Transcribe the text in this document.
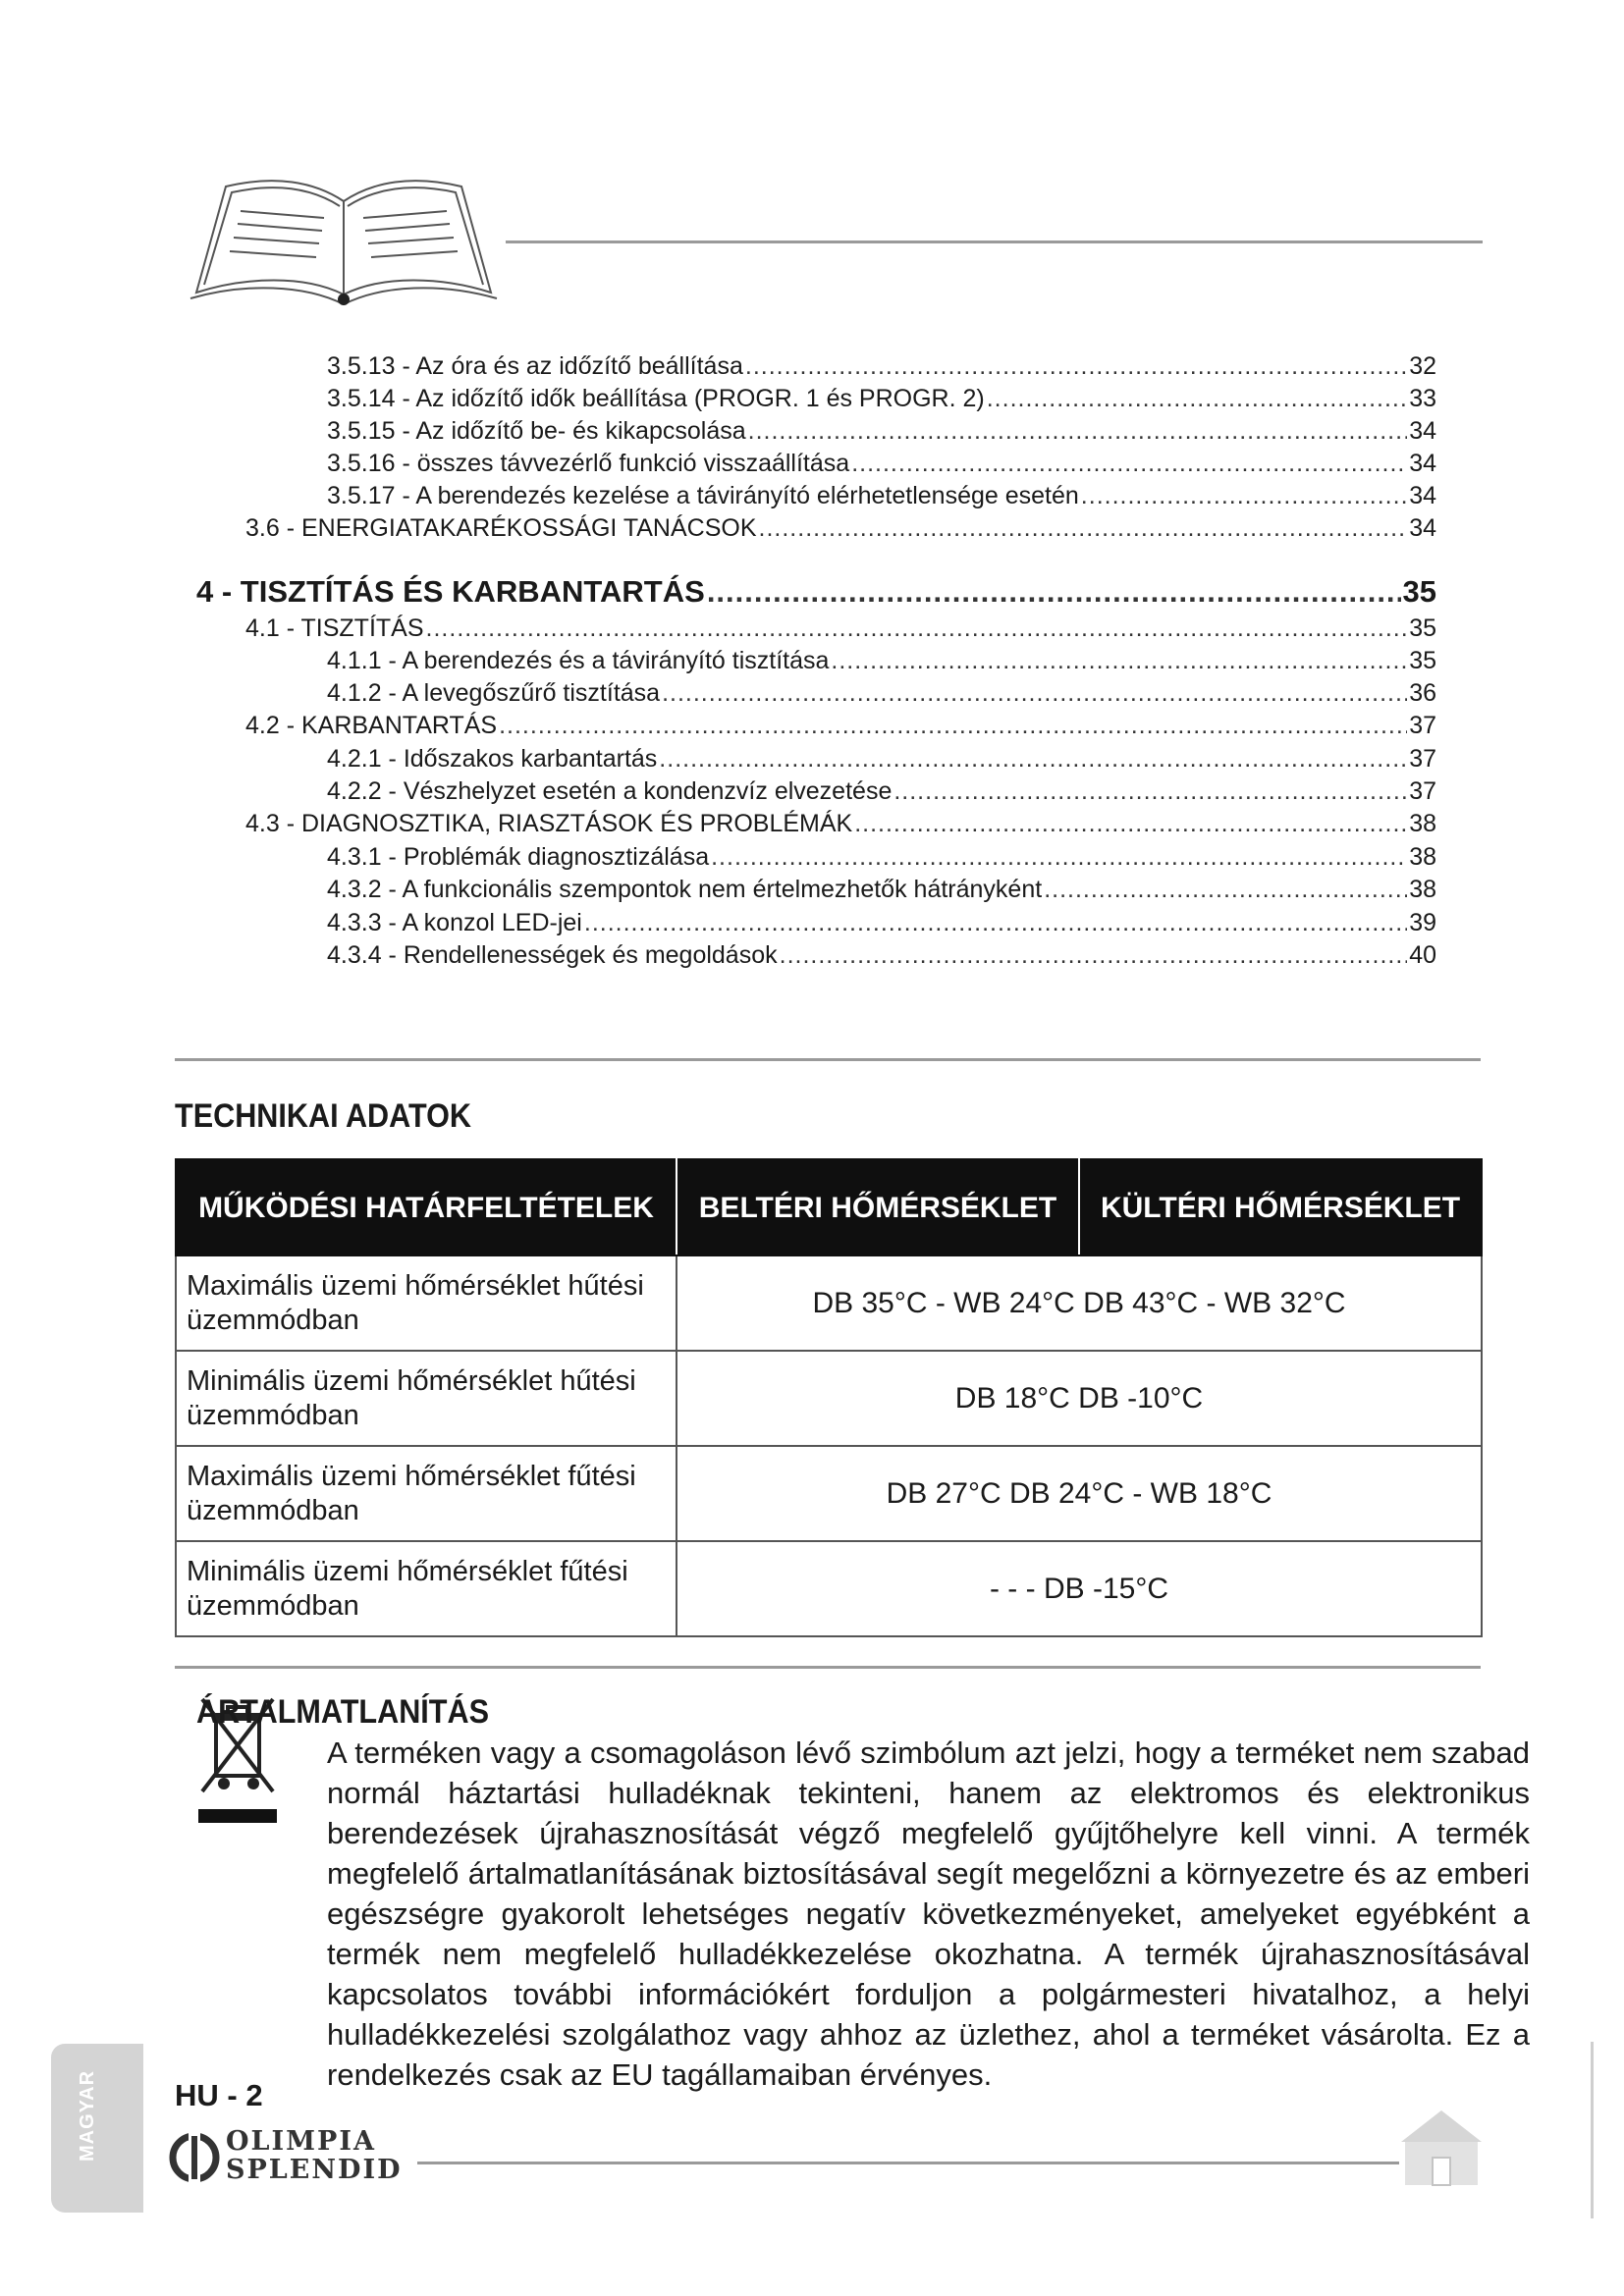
3.5.13 - Az óra és az időzítő beállítása .....	32
3.5.14 - Az időzítő idők beállítása (PROGR. 1 és PROGR. 2) .....	33
3.5.15 - Az időzítő be- és kikapcsolása .....	34
3.5.16 - összes távvezérlő funkció visszaállítása .....	34
3.5.17 - A berendezés kezelése a távirányító elérhetetlensége esetén .....	34
3.6 - ENERGIATAKARÉKOSSÁGI TANÁCSOK .....	34
4 - TISZTÍTÁS ÉS KARBANTARTÁS .....	35
4.1 - TISZTÍTÁS .....	35
4.1.1 - A berendezés és a távirányító tisztítása .....	35
4.1.2 - A levegőszűrő tisztítása .....	36
4.2 - KARBANTARTÁS .....	37
4.2.1 - Időszakos karbantartás .....	37
4.2.2 - Vészhelyzet esetén a kondenzvíz elvezetése .....	37
4.3 - DIAGNOSZTIKA, RIASZTÁSOK ÉS PROBLÉMÁK .....	38
4.3.1 - Problémák diagnosztizálása .....	38
4.3.2 - A funkcionális szempontok nem értelmezhetők hátrányként .....	38
4.3.3 - A konzol LED-jei .....	39
4.3.4 - Rendellenességek és megoldások .....	40
TECHNIKAI ADATOK
MŰKÖDÉSI HATÁRFELTÉTELEK	BELTÉRI HŐMÉRSÉKLET	KÜLTÉRI HŐMÉRSÉKLET
Maximális üzemi hőmérséklet hűtési üzemmódban	DB 35°C - WB 24°C DB 43°C - WB 32°C	
Minimális üzemi hőmérséklet hűtési üzemmódban	DB 18°C DB -10°C	
Maximális üzemi hőmérséklet fűtési üzemmódban	DB 27°C DB 24°C - WB 18°C	
Minimális üzemi hőmérséklet fűtési üzemmódban	- - - DB -15°C	
ÁRTALMATLANÍTÁS
A terméken vagy a csomagoláson lévő szimbólum azt jelzi, hogy a terméket nem szabad normál háztartási hulladéknak tekinteni, hanem az elektromos és elektronikus berendezések újrahasznosítását végző megfelelő gyűjtőhelyre kell vinni. A termék megfelelő ártalmatlanításának biztosításával segít megelőzni a környezetre és az emberi egészségre gyakorolt lehetséges negatív következményeket, amelyeket egyébként a termék nem megfelelő hulladékkezelése okozhatna. A termék újrahasznosításával kapcsolatos további információkért forduljon a polgármesteri hivatalhoz, a helyi hulladékkezelési szolgálathoz vagy ahhoz az üzlethez, ahol a terméket vásárolta. Ez a rendelkezés csak az EU tagállamaiban érvényes.
MAGYAR	HU - 2
OLIMPIA
SPLENDID
